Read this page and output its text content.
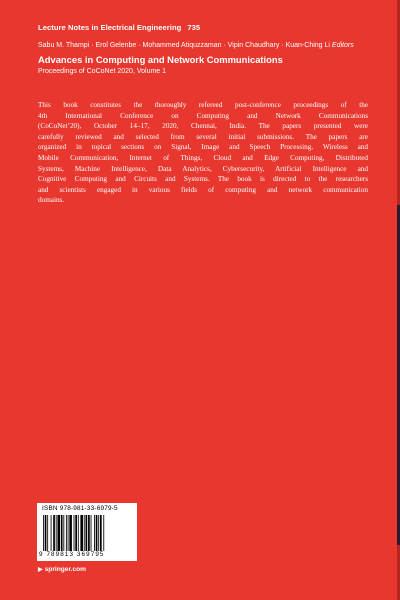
Lecture Notes in Electrical Engineering 735
Sabu M. Thampi · Erol Gelenbe · Mohammed Atiquzzaman · Vipin Chaudhary · Kuan-Ching Li Editors
Advances in Computing and Network Communications
Proceedings of CoCoNet 2020, Volume 1
This book constitutes the thoroughly refereed post-conference proceedings of the
4th International Conference on Computing and Network Communications
(CoCoNet’20), October 14–17, 2020, Chennai, India. The papers presented were
carefully reviewed and selected from several initial submissions. The papers are
organized in topical sections on Signal, Image and Speech Processing, Wireless and
Mobile Communication, Internet of Things, Cloud and Edge Computing, Distributed
Systems, Machine Intelligence, Data Analytics, Cybersecurity, Artificial Intelligence and
Cognitive Computing and Circuits and Systems. The book is directed to the researchers
and scientists engaged in various fields of computing and network communication
domains.
ISBN 978-981-33-6979-5
9 789813 369795
▶ springer.com
